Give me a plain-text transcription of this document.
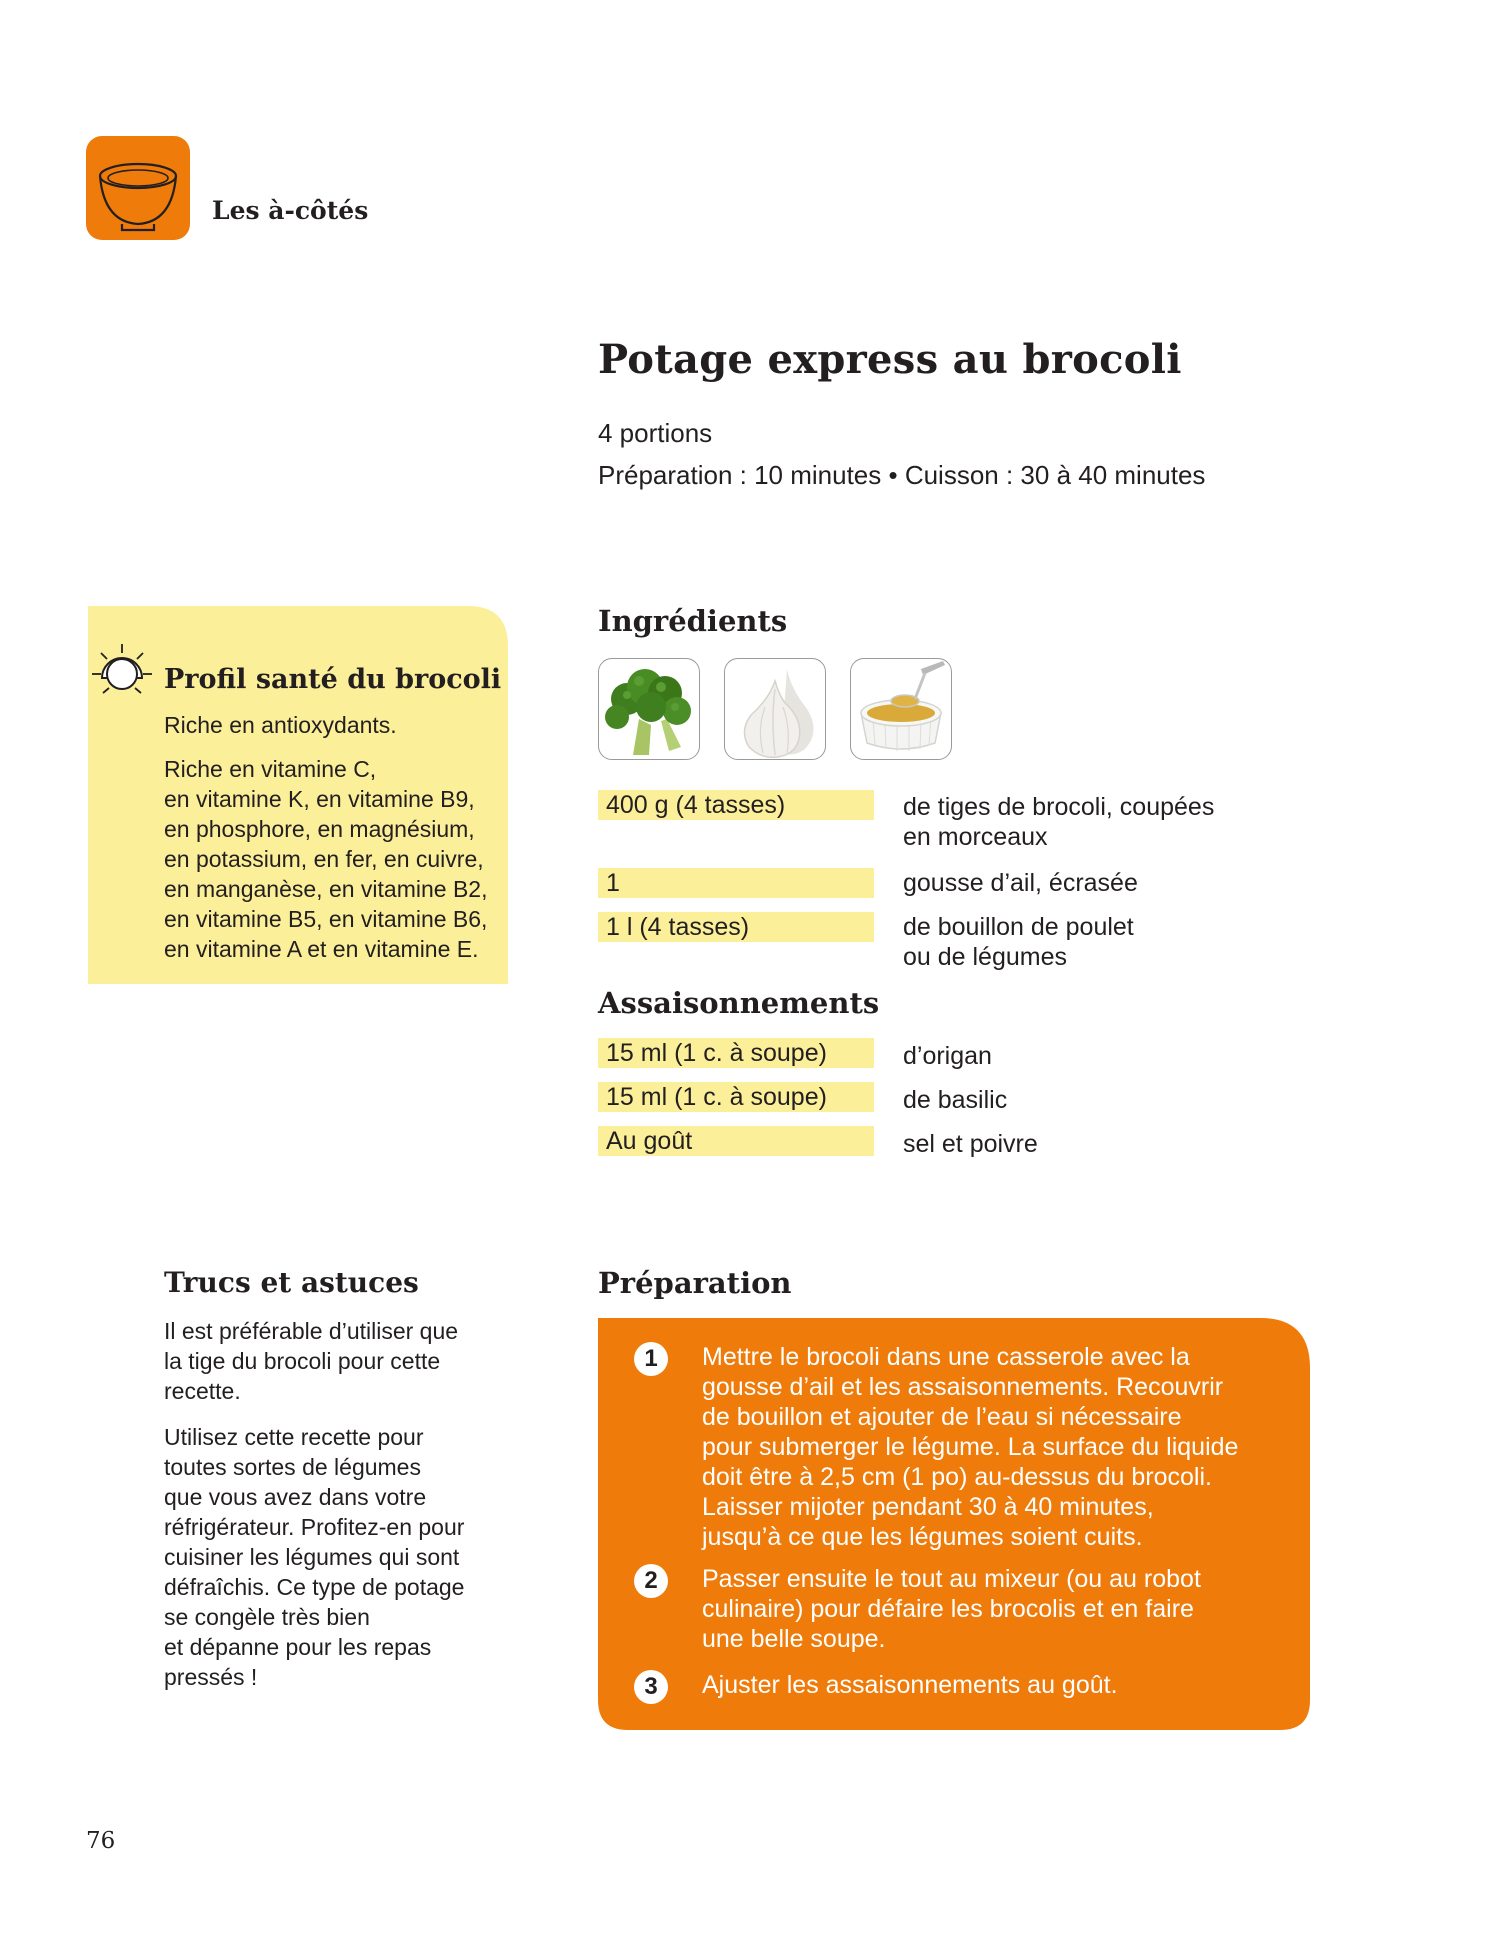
Les à-côtés
Potage express au brocoli
4 portions
Préparation : 10 minutes • Cuisson : 30 à 40 minutes
Profil santé du brocoli

Riche en antioxydants.

Riche en vitamine C,
en vitamine K, en vitamine B9,
en phosphore, en magnésium,
en potassium, en fer, en cuivre,
en manganèse, en vitamine B2,
en vitamine B5, en vitamine B6,
en vitamine A et en vitamine E.

Ingrédients
400 g (4 tasses)	de tiges de brocoli, coupées
en morceaux
1	gousse d’ail, écrasée
1 l (4 tasses)	de bouillon de poulet
ou de légumes
Assaisonnements
15 ml (1 c. à soupe)	d’origan
15 ml (1 c. à soupe)	de basilic
Au goût	sel et poivre
Trucs et astuces

Il est préférable d’utiliser que
la tige du brocoli pour cette
recette.

Utilisez cette recette pour
toutes sortes de légumes
que vous avez dans votre
réfrigérateur. Profitez-en pour
cuisiner les légumes qui sont
défraîchis. Ce type de potage
se congèle très bien
et dépanne pour les repas
pressés !

Préparation
1	Mettre le brocoli dans une casserole avec la
gousse d’ail et les assaisonnements. Recouvrir
de bouillon et ajouter de l’eau si nécessaire
pour submerger le légume. La surface du liquide
doit être à 2,5 cm (1 po) au-dessus du brocoli.
Laisser mijoter pendant 30 à 40 minutes,
jusqu’à ce que les légumes soient cuits.
2	Passer ensuite le tout au mixeur (ou au robot
culinaire) pour défaire les brocolis et en faire
une belle soupe.
3	Ajuster les assaisonnements au goût.
76
